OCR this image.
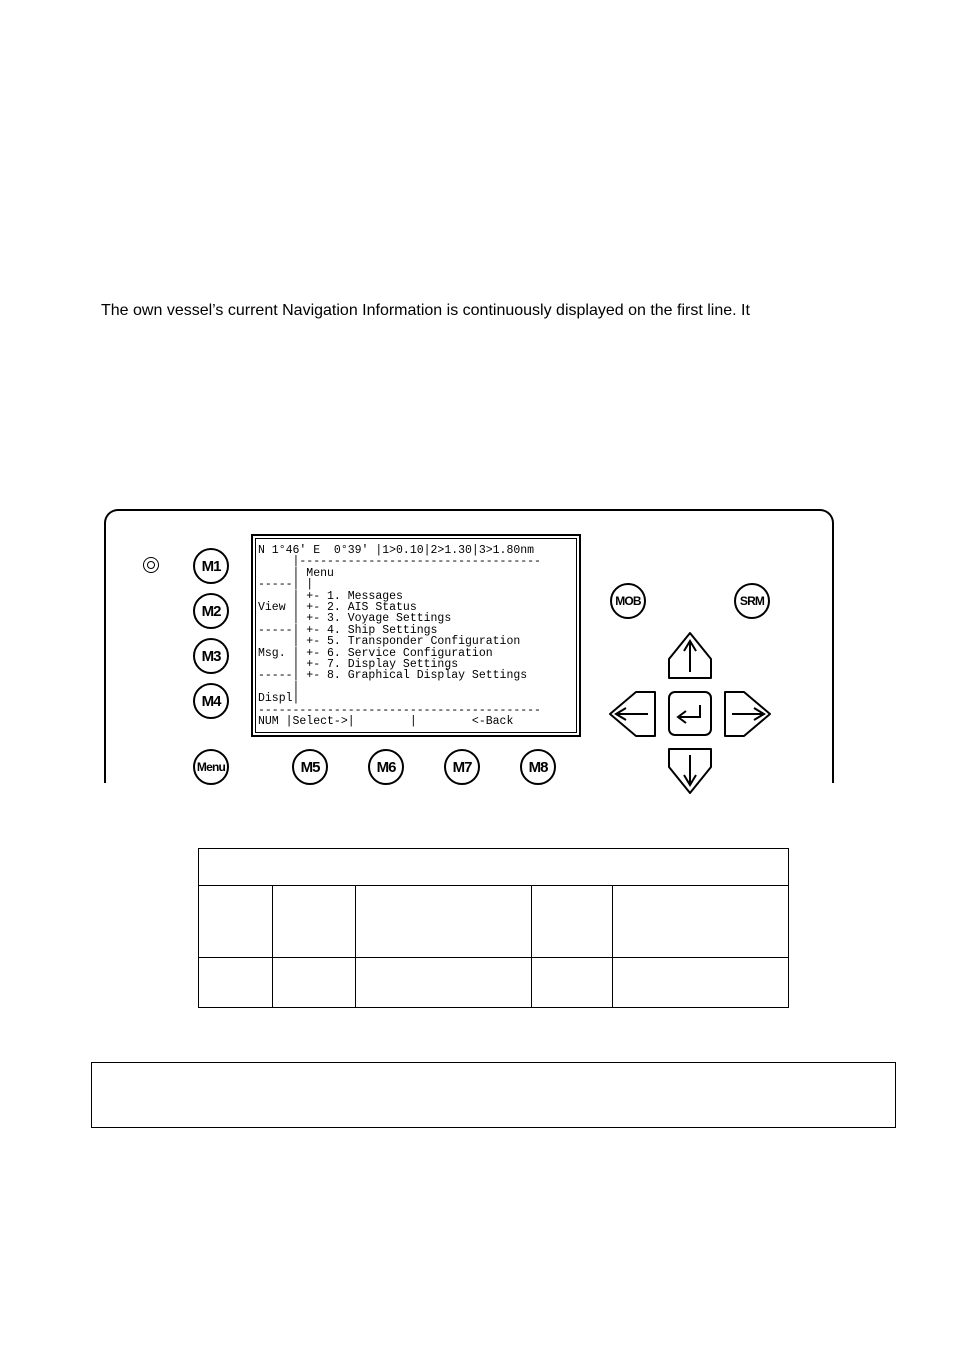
The own vessel’s current Navigation Information is continuously displayed on the first line. It
M1
M2
M3
M4
Menu	M5	M6	M7	M8
N 1°46' E  0°39' |1>0.10|2>1.30|3>1.80nm
|-----------------------------------
| Menu
-----| |
| +- 1. Messages
View | +- 2. AIS Status
| +- 3. Voyage Settings
-----| +- 4. Ship Settings
| +- 5. Transponder Configuration
Msg. | +- 6. Service Configuration
| +- 7. Display Settings
-----| +- 8. Graphical Display Settings
|
Displ|
-----------------------------------------
NUM |Select->|        |        <-Back
MOB	SRM
